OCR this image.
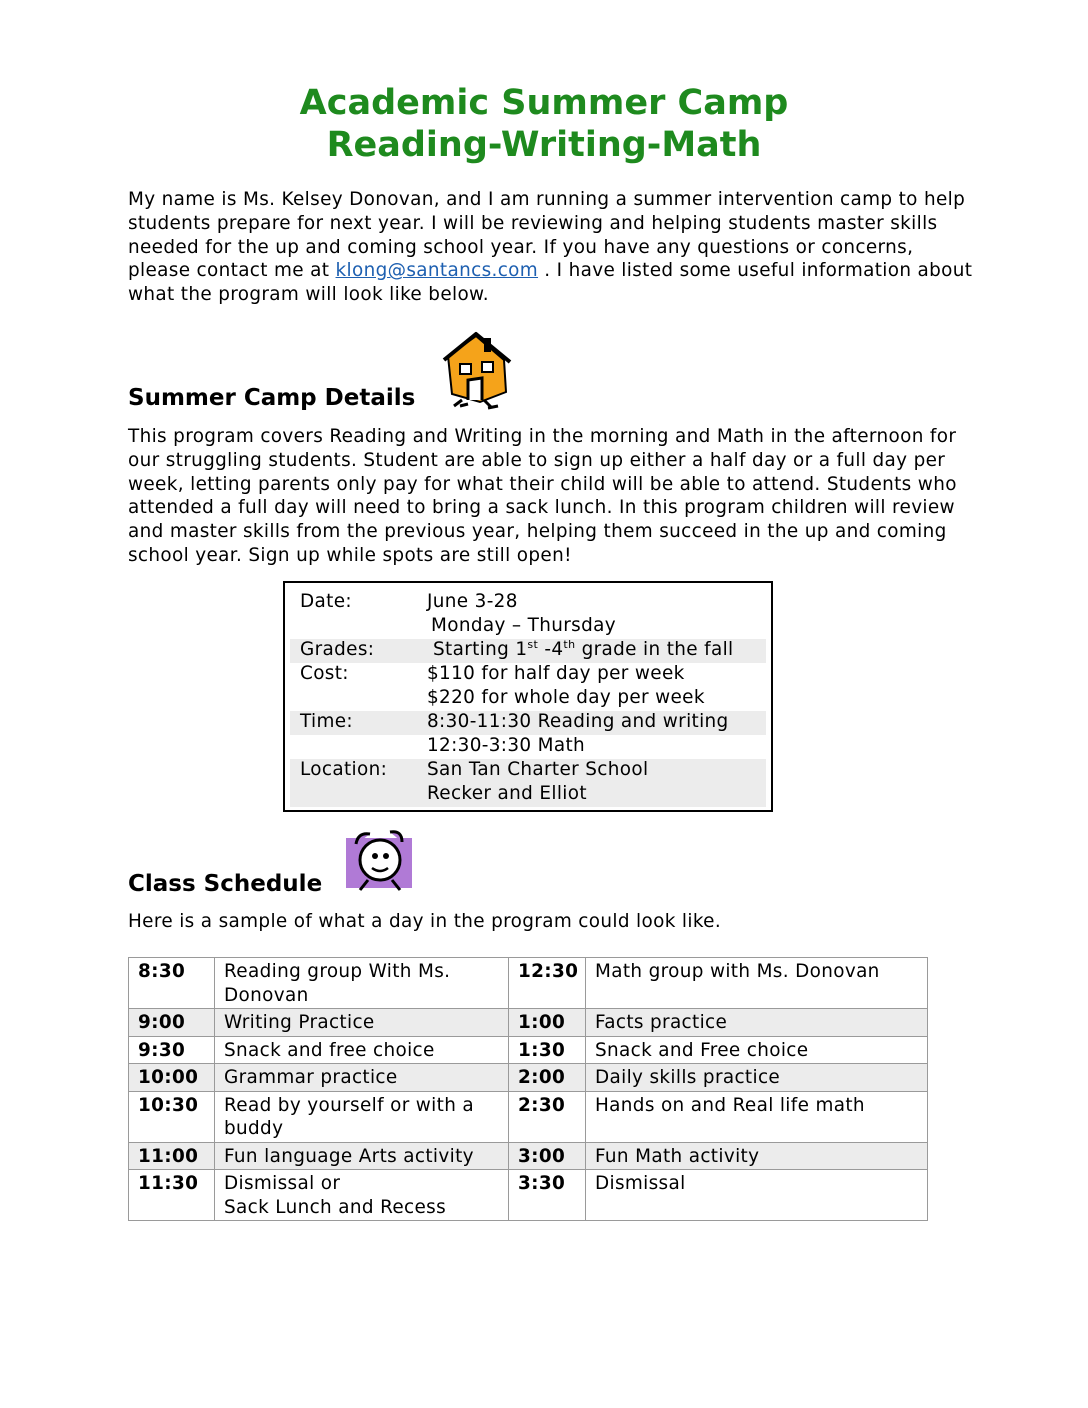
Academic Summer Camp
Reading-Writing-Math
My name is Ms. Kelsey Donovan, and I am running a summer intervention camp to help students prepare for next year. I will be reviewing and helping students master skills needed for the up and coming school year. If you have any questions or concerns, please contact me at klong@santancs.com . I have listed some useful information about what the program will look like below.
Summer Camp Details
This program covers Reading and Writing in the morning and Math in the afternoon for our struggling students. Student are able to sign up either a half day or a full day per week, letting parents only pay for what their child will be able to attend. Students who attended a full day will need to bring a sack lunch. In this program children will review and master skills from the previous year, helping them succeed in the up and coming school year. Sign up while spots are still open!
Date:	June 3-28
Monday – Thursday
Grades:	Starting 1st -4th grade in the fall
Cost:	$110 for half day per week
$220 for whole day per week
Time:	8:30-11:30 Reading and writing
12:30-3:30 Math
Location: San Tan Charter School
Recker and Elliot
Class Schedule
Here is a sample of what a day in the program could look like.
8:30	Reading group With Ms. Donovan	12:30	Math group with Ms. Donovan
9:00	Writing Practice	1:00	Facts practice
9:30	Snack and free choice	1:30	Snack and Free choice
10:00	Grammar practice	2:00	Daily skills practice
10:30	Read by yourself or with a buddy	2:30	Hands on and Real life math
11:00	Fun language Arts activity	3:00	Fun Math activity
11:30	Dismissal or
Sack Lunch and Recess	3:30	Dismissal
